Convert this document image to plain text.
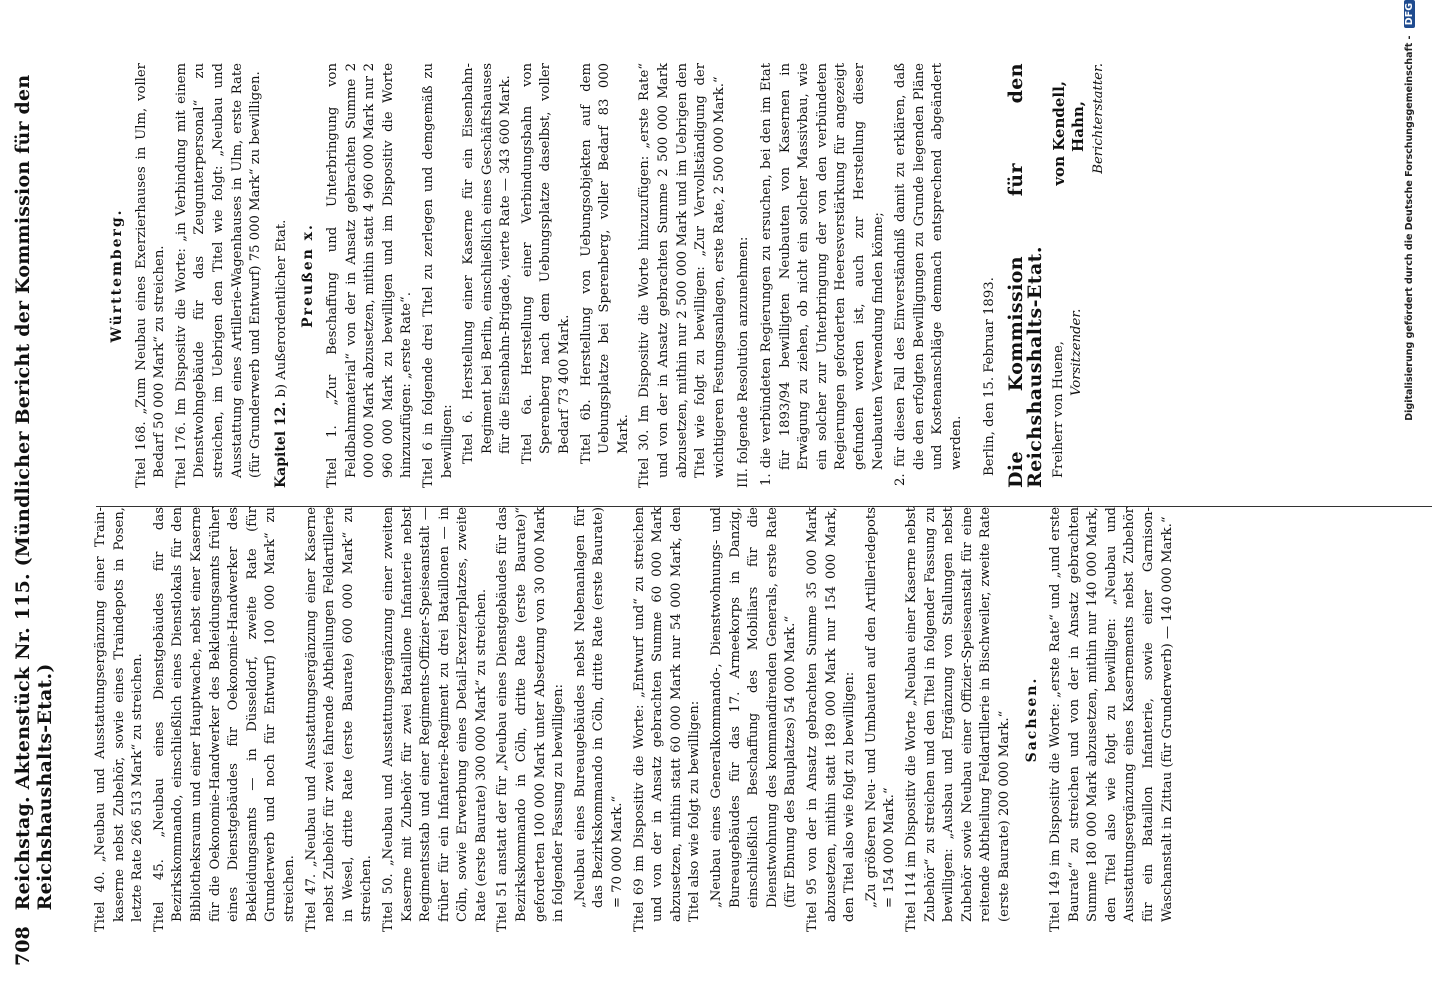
708
Reichstag. Aktenstück Nr. 115. (Mündlicher Bericht der Kommission für den Reichshaushalts-Etat.)	Titel 40. „Neubau und Ausstattungsergänzung einer Train-kaserne nebst Zubehör, sowie eines Traindepots in Posen, letzte Rate 266 513 Mark“ zu streichen. Titel 45. „Neubau eines Dienstgebäudes für das Bezirkskommando, einschließlich eines Dienstlokals für den Bibliotheksraum und einer Hauptwache, nebst einer Kaserne für die Oekonomie-Handwerker des Bekleidungsamts früher eines Dienstgebäudes für Oekonomie-Handwerker des Bekleidungsamts — in Düsseldorf, zweite Rate (für Grunderwerb und noch für Entwurf) 100 000 Mark“ zu streichen. Titel 47. „Neubau und Ausstattungsergänzung einer Kaserne nebst Zubehör für zwei fahrende Abtheilungen Feldartillerie in Wesel, dritte Rate (erste Baurate) 600 000 Mark“ zu streichen. Titel 50. „Neubau und Ausstattungsergänzung einer zweiten Kaserne mit Zubehör für zwei Bataillone Infanterie nebst Regimentsstab und einer Regiments-Offizier-Speiseanstalt — früher für ein Infanterie-Regiment zu drei Bataillonen — in Cöln, sowie Erwerbung eines Detail-Exerzierplatzes, zweite Rate (erste Baurate) 300 000 Mark“ zu streichen. Titel 51 anstatt der für „Neubau eines Dienstgebäudes für das Bezirkskommando in Cöln, dritte Rate (erste Baurate)“ geforderten 100 000 Mark unter Absetzung von 30 000 Mark in folgender Fassung zu bewilligen: „Neubau eines Bureaugebäudes nebst Nebenanlagen für das Bezirkskommando in Cöln, dritte Rate (erste Baurate) = 70 000 Mark.“ Titel 69 im Dispositiv die Worte: „Entwurf und“ zu streichen und von der in Ansatz gebrachten Summe 60 000 Mark abzusetzen, mithin statt 60 000 Mark nur 54 000 Mark, den Titel also wie folgt zu bewilligen: „Neubau eines Generalkommando-, Dienstwohnungs- und Bureaugebäudes für das 17. Armeekorps in Danzig, einschließlich Beschaffung des Mobiliars für die Dienstwohnung des kommandirenden Generals, erste Rate (für Ebnung des Bauplatzes) 54 000 Mark.“ Titel 95 von der in Ansatz gebrachten Summe 35 000 Mark abzusetzen, mithin statt 189 000 Mark nur 154 000 Mark, den Titel also wie folgt zu bewilligen: „Zu größeren Neu- und Umbauten auf den Artilleriedepots = 154 000 Mark.“ Titel 114 im Dispositiv die Worte „Neubau einer Kaserne nebst Zubehör“ zu streichen und den Titel in folgender Fassung zu bewilligen: „Ausbau und Ergänzung von Stallungen nebst Zubehör sowie Neubau einer Offizier-Speiseanstalt für eine reitende Abtheilung Feldartillerie in Bischweiler, zweite Rate (erste Baurate) 200 000 Mark.“ Sachsen. Titel 149 im Dispositiv die Worte: „erste Rate“ und „und erste Baurate“ zu streichen und von der in Ansatz gebrachten Summe 180 000 Mark abzusetzen, mithin nur 140 000 Mark, den Titel also wie folgt zu bewilligen: „Neubau und Ausstattungsergänzung eines Kasernements nebst Zubehör für ein Bataillon Infanterie, sowie einer Garnison-Waschanstalt in Zittau (für Grunderwerb) — 140 000 Mark.“

Württemberg. Titel 168. „Zum Neubau eines Exerzierhauses in Ulm, voller Bedarf 50 000 Mark“ zu streichen. Titel 176. Im Dispositiv die Worte: „in Verbindung mit einem Dienstwohngebäude für das Zeugunterpersonal“ zu streichen, im Uebrigen den Titel wie folgt: „Neubau und Ausstattung eines Artillerie-Wagenhauses in Ulm, erste Rate (für Grunderwerb und Entwurf) 75 000 Mark“ zu bewilligen. Kapitel 12. b) Außerordentlicher Etat. Preußen x. Titel 1. „Zur Beschaffung und Unterbringung von Feldbahnmaterial“ von der in Ansatz gebrachten Summe 2 000 000 Mark abzusetzen, mithin statt 4 960 000 Mark nur 2 960 000 Mark zu bewilligen und im Dispositiv die Worte hinzuzufügen: „erste Rate“. Titel 6 in folgende drei Titel zu zerlegen und demgemäß zu bewilligen: Titel 6. Herstellung einer Kaserne für ein Eisenbahn-Regiment bei Berlin, einschließlich eines Geschäftshauses für die Eisenbahn-Brigade, vierte Rate — 343 600 Mark. Titel 6a. Herstellung einer Verbindungsbahn von Sperenberg nach dem Uebungsplatze daselbst, voller Bedarf 73 400 Mark. Titel 6b. Herstellung von Uebungsobjekten auf dem Uebungsplatze bei Sperenberg, voller Bedarf 83 000 Mark. Titel 30. Im Dispositiv die Worte hinzuzufügen: „erste Rate“ und von der in Ansatz gebrachten Summe 2 500 000 Mark abzusetzen, mithin nur 2 500 000 Mark und im Uebrigen den Titel wie folgt zu bewilligen: „Zur Vervollständigung der wichtigeren Festungsanlagen, erste Rate, 2 500 000 Mark.“ III. folgende Resolution anzunehmen: 1. die verbündeten Regierungen zu ersuchen, bei den im Etat für 1893/94 bewilligten Neubauten von Kasernen in Erwägung zu ziehen, ob nicht ein solcher Massivbau, wie ein solcher zur Unterbringung der von den verbündeten Regierungen geforderten Heeresverstärkung für angezeigt gefunden worden ist, auch zur Herstellung dieser Neubauten Verwendung finden könne; 2. für diesen Fall des Einverständniß damit zu erklären, daß die den erfolgten Bewilligungen zu Grunde liegenden Pläne und Kostenanschläge demnach entsprechend abgeändert werden. Berlin, den 15. Februar 1893. Die Kommission für den Reichshaushalts-Etat. Freiherr von Huene, Vorsitzender.
von Kendell, Hahn, Berichterstatter.	Digitalisierung gefördert durch die Deutsche Forschungsgemeinschaft - DFG
